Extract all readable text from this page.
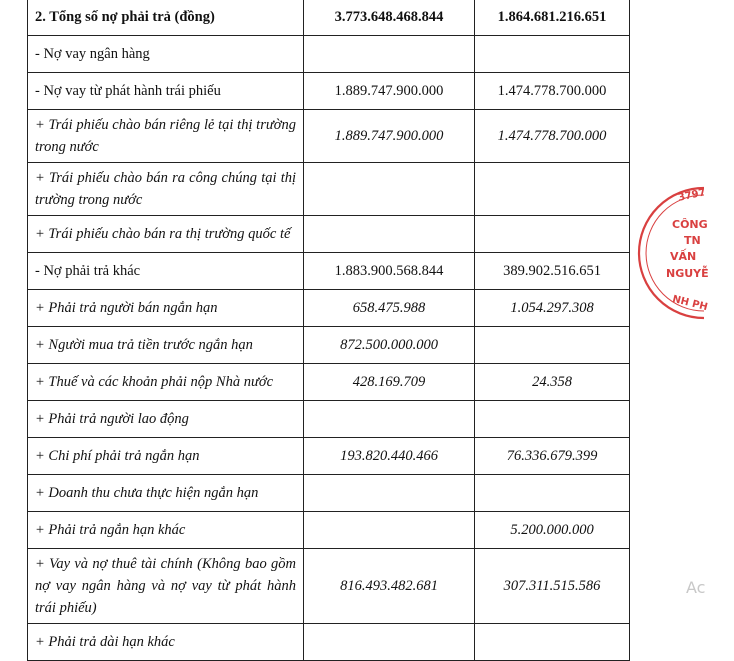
2. Tổng số nợ phải trả (đồng)	3.773.648.468.844	1.864.681.216.651
- Nợ vay ngân hàng		
- Nợ vay từ phát hành trái phiếu	1.889.747.900.000	1.474.778.700.000
+ Trái phiếu chào bán riêng lẻ tại thị trường trong nước	1.889.747.900.000	1.474.778.700.000
+ Trái phiếu chào bán ra công chúng tại thị trường trong nước		
+ Trái phiếu chào bán ra thị trường quốc tế		
- Nợ phải trả khác	1.883.900.568.844	389.902.516.651
+ Phải trả người bán ngắn hạn	658.475.988	1.054.297.308
+ Người mua trả tiền trước ngắn hạn	872.500.000.000	
+ Thuế và các khoản phải nộp Nhà nước	428.169.709	24.358
+ Phải trả người lao động		
+ Chi phí phải trả ngắn hạn	193.820.440.466	76.336.679.399
+ Doanh thu chưa thực hiện ngắn hạn		
+ Phải trả ngắn hạn khác		5.200.000.000
+ Vay và nợ thuê tài chính (Không bao gồm nợ vay ngân hàng và nợ vay từ phát hành trái phiếu)	816.493.482.681	307.311.515.586
+ Phải trả dài hạn khác		
3797
CÔNG
TN
VẤN
NGUYỄ
NH PH
Ac
